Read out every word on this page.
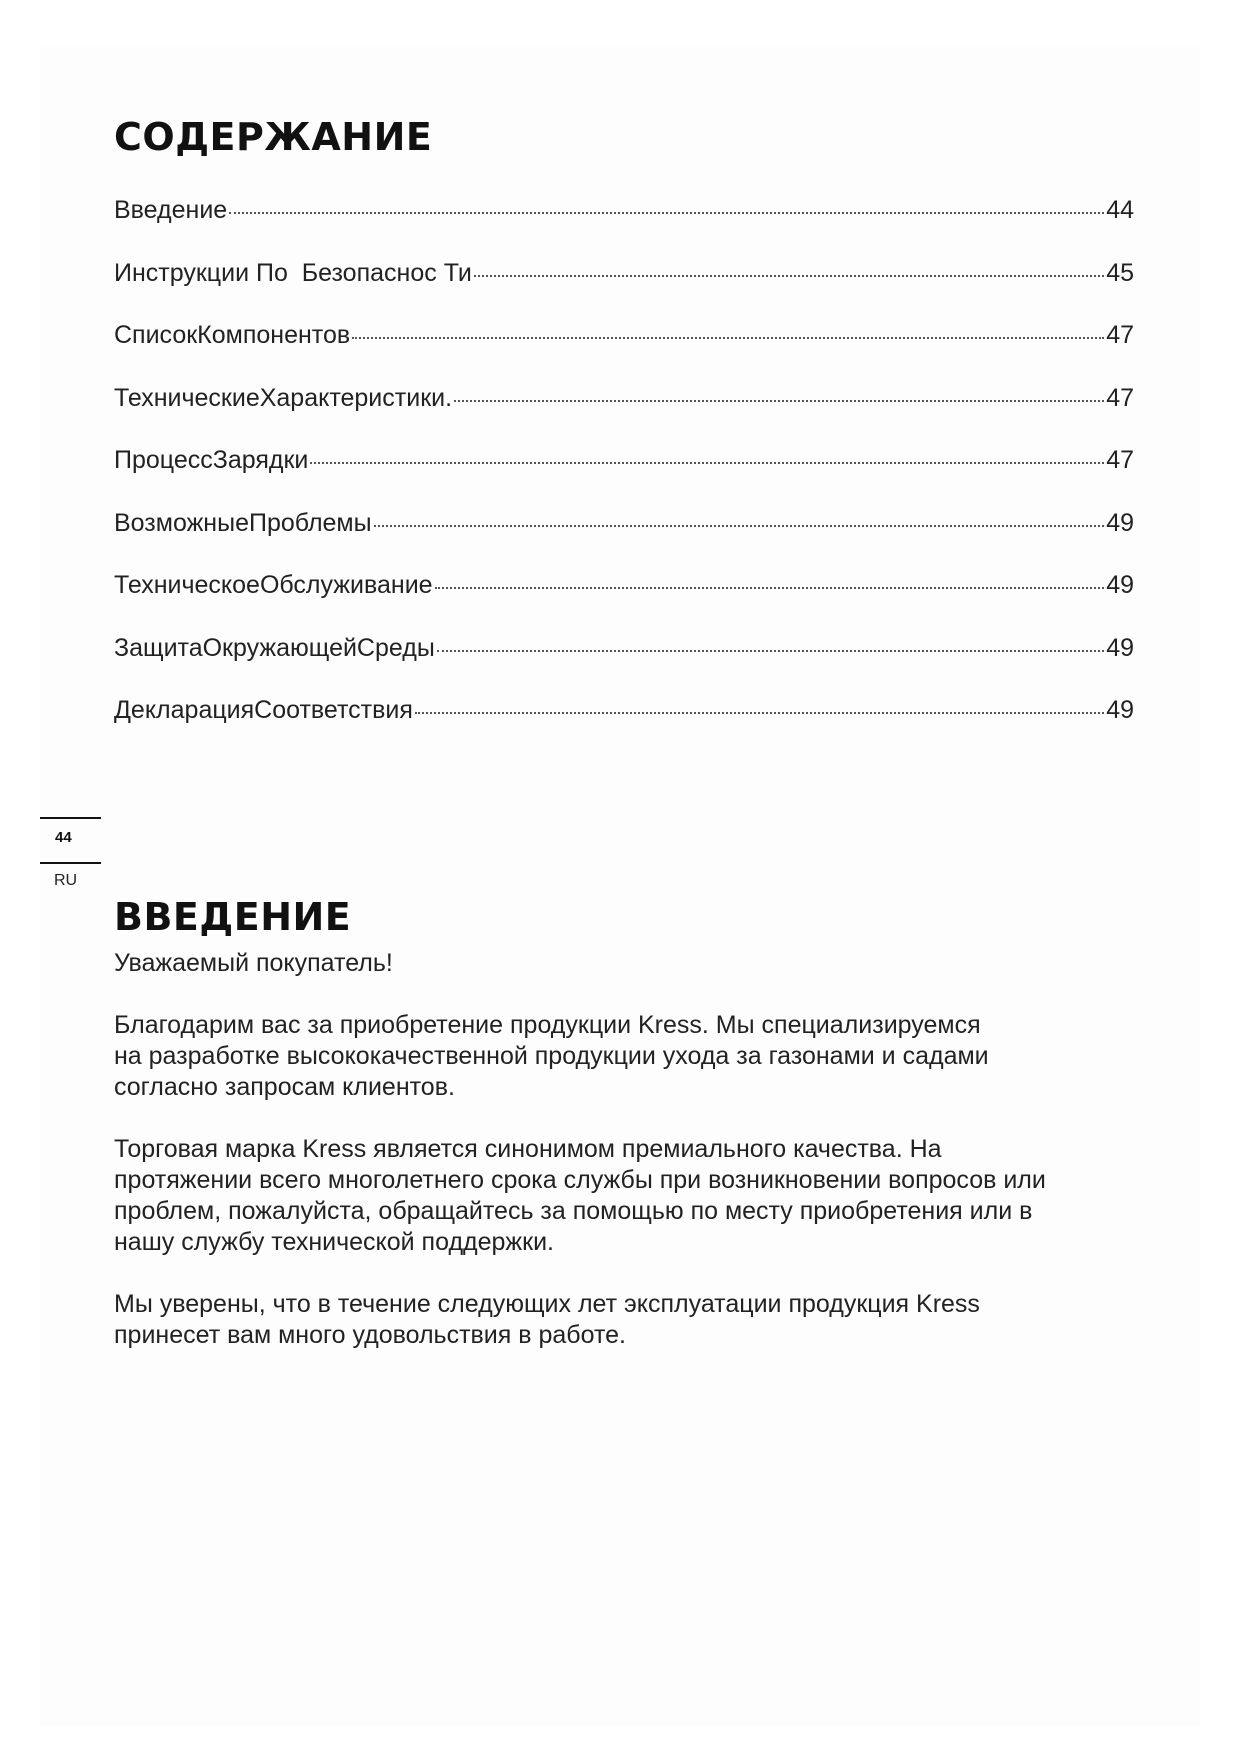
СОДЕРЖАНИЕ
Введение	44
Инструкции По  Безопаснос Ти	45
СписокКомпонентов	47
ТехническиеХарактеристики.	47
ПроцессЗарядки	47
ВозможныеПроблемы	49
ТехническоеОбслуживание	49
ЗащитаОкружающейСреды	49
ДекларацияСоответствия	49
44
RU
ВВЕДЕНИЕ

Уважаемый покупатель!

Благодарим вас за приобретение продукции Kress. Мы специализируемся
на разработке высококачественной продукции ухода за газонами и садами
согласно запросам клиентов.

Торговая марка Kress является синонимом премиального качества. На
протяжении всего многолетнего срока службы при возникновении вопросов или
проблем, пожалуйста, обращайтесь за помощью по месту приобретения или в
нашу службу технической поддержки.

Мы уверены, что в течение следующих лет эксплуатации продукция Kress
принесет вам много удовольствия в работе.
